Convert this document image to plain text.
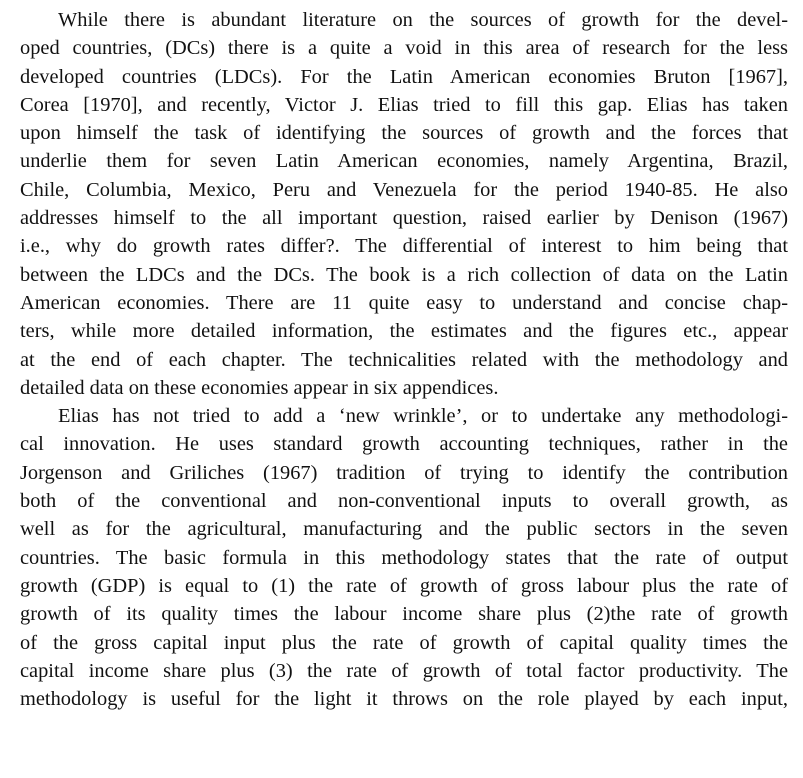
While there is abundant literature on the sources of growth for the devel-
oped countries, (DCs) there is a quite a void in this area of research for the less
developed countries (LDCs). For the Latin American economies Bruton [1967],
Corea [1970], and recently, Victor J. Elias tried to fill this gap. Elias has taken
upon himself the task of identifying the sources of growth and the forces that
underlie them for seven Latin American economies, namely Argentina, Brazil,
Chile, Columbia, Mexico, Peru and Venezuela for the period 1940-85. He also
addresses himself to the all important question, raised earlier by Denison (1967)
i.e., why do growth rates differ?. The differential of interest to him being that
between the LDCs and the DCs. The book is a rich collection of data on the Latin
American economies. There are 11 quite easy to understand and concise chap-
ters, while more detailed information, the estimates and the figures etc., appear
at the end of each chapter. The technicalities related with the methodology and
detailed data on these economies appear in six appendices.
Elias has not tried to add a ‘new wrinkle’, or to undertake any methodologi-
cal innovation. He uses standard growth accounting techniques, rather in the
Jorgenson and Griliches (1967) tradition of trying to identify the contribution
both of the conventional and non-conventional inputs to overall growth, as
well as for the agricultural, manufacturing and the public sectors in the seven
countries. The basic formula in this methodology states that the rate of output
growth (GDP) is equal to (1) the rate of growth of gross labour plus the rate of
growth of its quality times the labour income share plus (2)the rate of growth
of the gross capital input plus the rate of growth of capital quality times the
capital income share plus (3) the rate of growth of total factor productivity. The
methodology is useful for the light it throws on the role played by each input,
